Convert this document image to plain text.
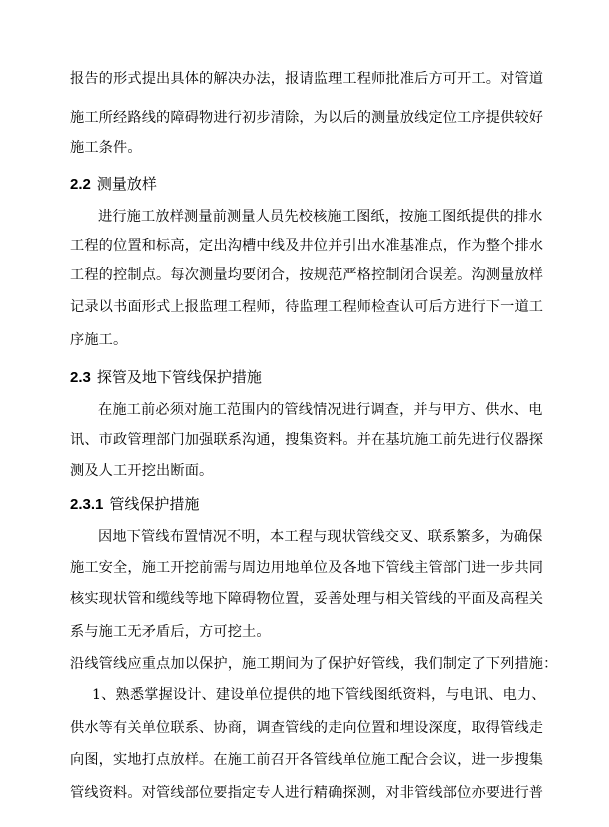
报告的形式提出具体的解决办法，报请监理工程师批准后方可开工。对管道
施工所经路线的障碍物进行初步清除，为以后的测量放线定位工序提供较好
施工条件。
2.2 测量放样
进行施工放样测量前测量人员先校核施工图纸，按施工图纸提供的排水
工程的位置和标高，定出沟槽中线及井位并引出水准基准点，作为整个排水
工程的控制点。每次测量均要闭合，按规范严格控制闭合误差。沟测量放样
记录以书面形式上报监理工程师，待监理工程师检查认可后方进行下一道工
序施工。
2.3 探管及地下管线保护措施
在施工前必须对施工范围内的管线情况进行调查，并与甲方、供水、电
讯、市政管理部门加强联系沟通，搜集资料。并在基坑施工前先进行仪器探
测及人工开挖出断面。
2.3.1 管线保护措施
因地下管线布置情况不明，本工程与现状管线交叉、联系繁多，为确保
施工安全，施工开挖前需与周边用地单位及各地下管线主管部门进一步共同
核实现状管和缆线等地下障碍物位置，妥善处理与相关管线的平面及高程关
系与施工无矛盾后，方可挖土。
沿线管线应重点加以保护，施工期间为了保护好管线，我们制定了下列措施：
1、熟悉掌握设计、建设单位提供的地下管线图纸资料，与电讯、电力、
供水等有关单位联系、协商，调查管线的走向位置和埋设深度，取得管线走
向图，实地打点放样。在施工前召开各管线单位施工配合会议，进一步搜集
管线资料。对管线部位要指定专人进行精确探测，对非管线部位亦要进行普
